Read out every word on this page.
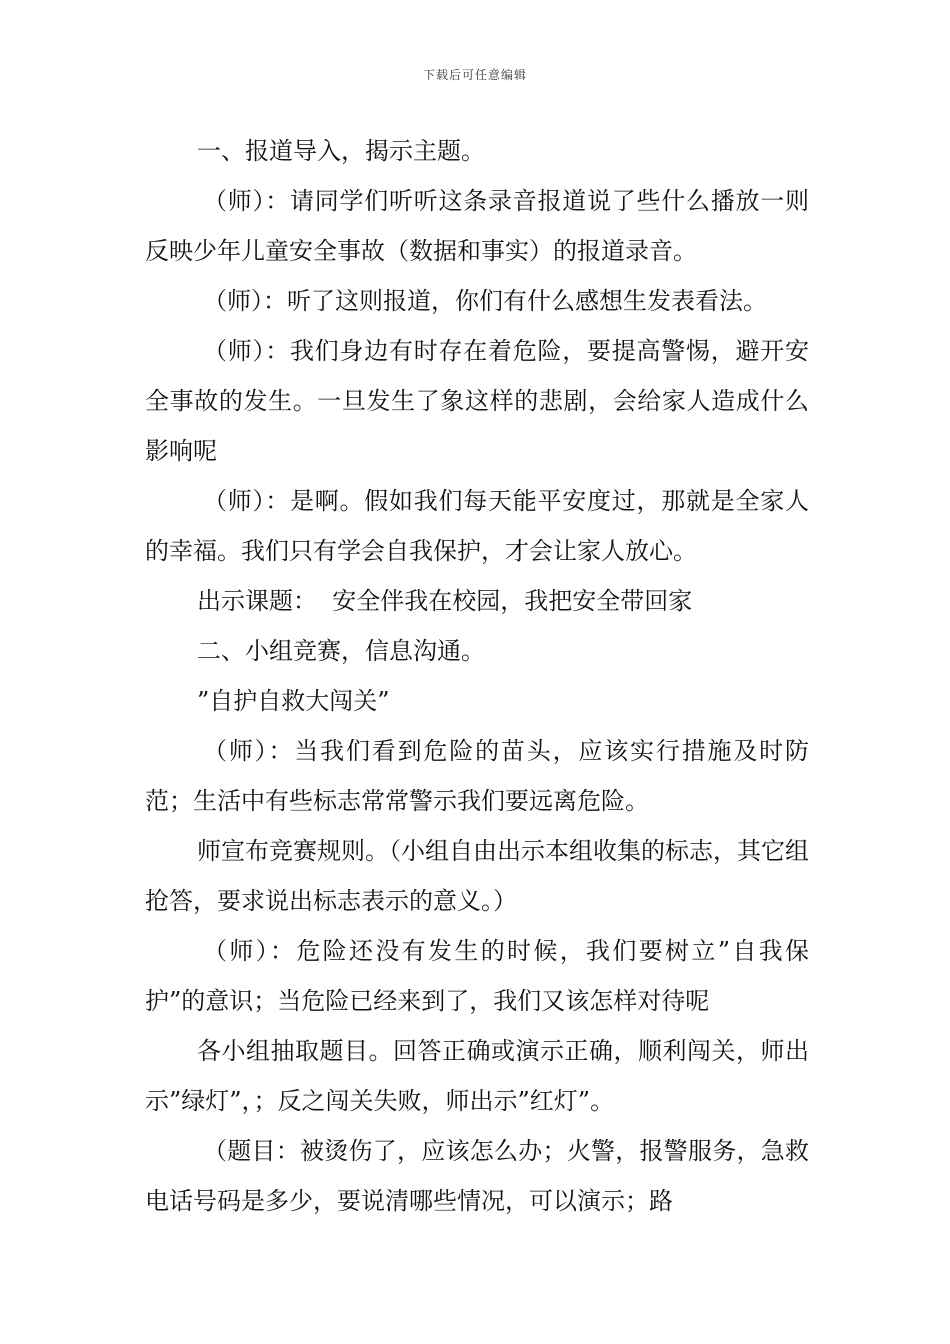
下载后可任意编辑

一、报道导入，揭示主题。

（师）：请同学们听听这条录音报道说了些什么播放一则反映少年儿童安全事故（数据和事实）的报道录音。

（师）：听了这则报道，你们有什么感想生发表看法。

（师）：我们身边有时存在着危险，要提高警惕，避开安全事故的发生。一旦发生了象这样的悲剧，会给家人造成什么影响呢

（师）：是啊。假如我们每天能平安度过，那就是全家人的幸福。我们只有学会自我保护，才会让家人放心。

出示课题：  安全伴我在校园，我把安全带回家

二、小组竞赛，信息沟通。

”自护自救大闯关”

（师）：当我们看到危险的苗头，应该实行措施及时防范；生活中有些标志常常警示我们要远离危险。

师宣布竞赛规则。（小组自由出示本组收集的标志，其它组抢答，要求说出标志表示的意义。）

（师）：危险还没有发生的时候，我们要树立”自我保护”的意识；当危险已经来到了，我们又该怎样对待呢

各小组抽取题目。回答正确或演示正确，顺利闯关，师出示”绿灯”，；反之闯关失败，师出示”红灯”。

（题目：被烫伤了，应该怎么办；火警，报警服务，急救电话号码是多少，要说清哪些情况，可以演示；路
